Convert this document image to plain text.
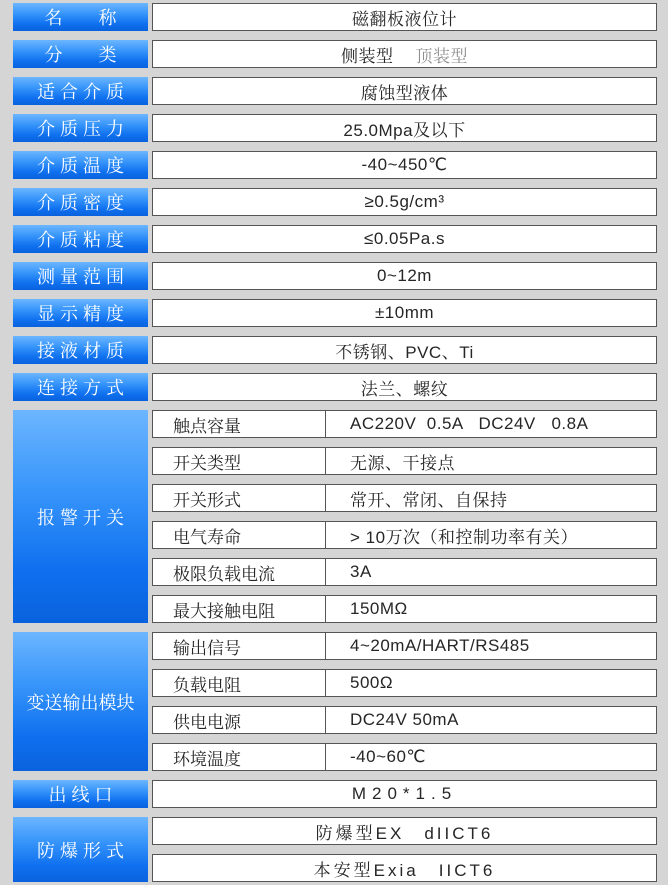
名　　称	磁翻板液位计
分　　类	侧装型 顶装型
适 合 介 质	腐蚀型液体
介 质 压 力	25.0Mpa及以下
介 质 温 度	-40~450℃
介 质 密 度	≥0.5g/cm³
介 质 粘 度	≤0.05Pa.s
测 量 范 围	0~12m
显 示 精 度	±10mm
接 液 材 质	不锈钢、PVC、Ti
连 接 方 式	法兰、螺纹
报 警 开 关
触点容量	AC220V  0.5A   DC24V   0.8A
开关类型	无源、干接点
开关形式	常开、常闭、自保持
电气寿命	> 10万次（和控制功率有关）
极限负载电流	3A
最大接触电阻	150MΩ
变送输出模块
输出信号	4~20mA/HART/RS485
负载电阻	500Ω
供电电源	DC24V 50mA
环境温度	-40~60℃
出 线 口	M20*1.5
防 爆 形 式
防爆型EX　dIICT6
本安型Exia　IICT6
